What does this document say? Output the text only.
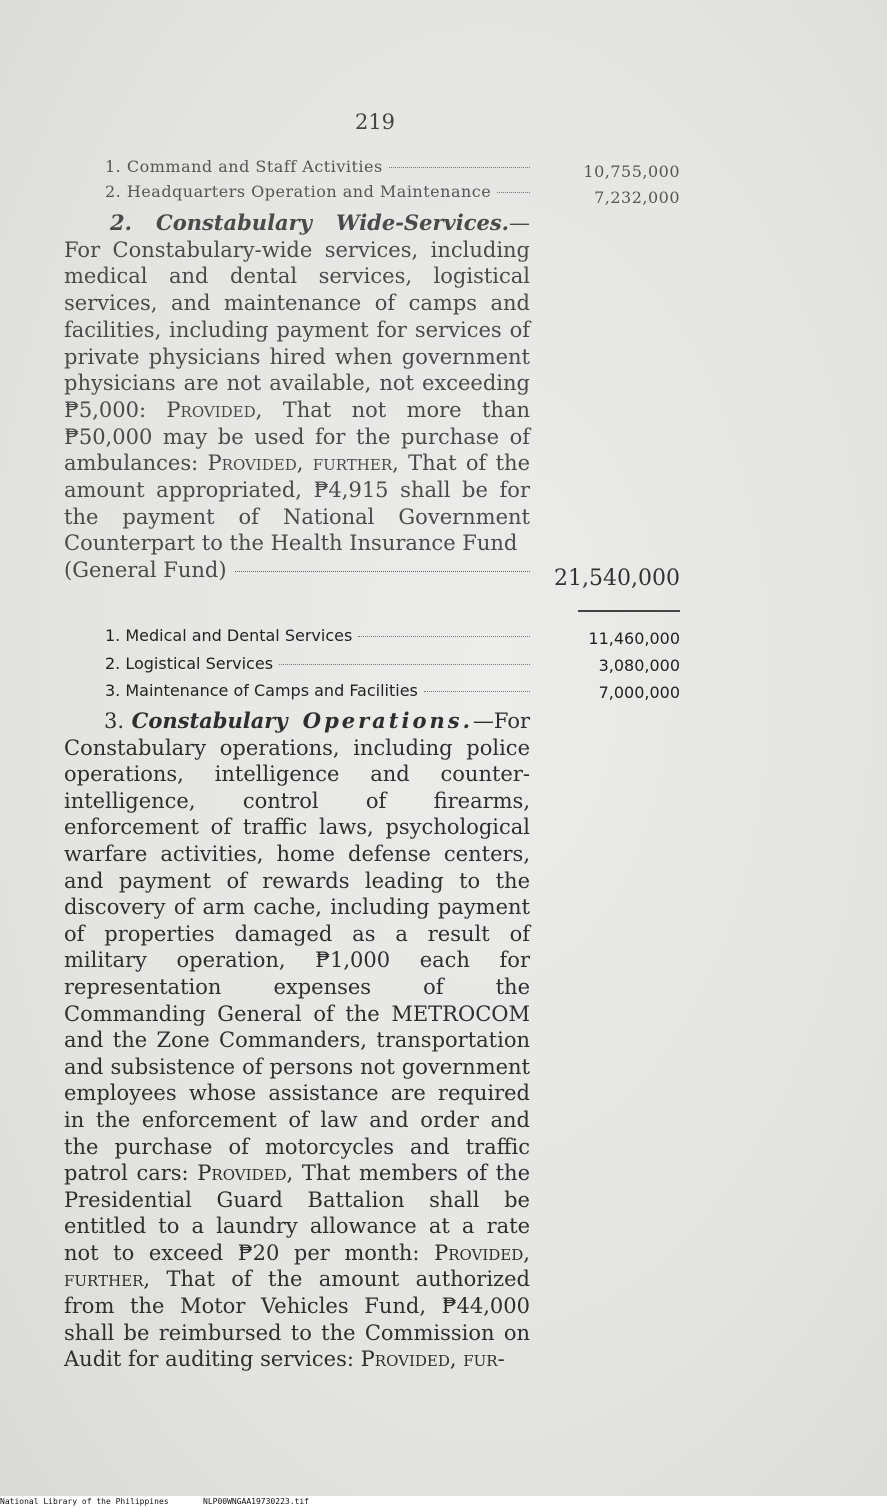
219
1. Command and Staff Activities	10,755,000
2. Headquarters Operation and Maintenance	7,232,000

2. Constabulary Wide-Services.—For Constabulary-wide services, including medical and dental services, logistical services, and maintenance of camps and facilities, including payment for services of private physicians hired when government physicians are not available, not exceeding ₱5,000: Provided, That not more than ₱50,000 may be used for the purchase of ambulances: Provided, further, That of the amount appropriated, ₱4,915 shall be for the payment of National Government Counterpart to the Health Insurance Fund
(General Fund)	21,540,000
1. Medical and Dental Services	11,460,000
2. Logistical Services	3,080,000
3. Maintenance of Camps and Facilities	7,000,000

3. Constabulary Operations.—For Constabulary operations, including police operations, intelligence and counter-intelligence, control of firearms, enforcement of traffic laws, psychological warfare activities, home defense centers, and payment of rewards leading to the discovery of arm cache, including payment of properties damaged as a result of military operation, ₱1,000 each for representation expenses of the Commanding General of the METROCOM and the Zone Commanders, transportation and subsistence of persons not government employees whose assistance are required in the enforcement of law and order and the purchase of motorcycles and traffic patrol cars: Provided, That members of the Presidential Guard Battalion shall be entitled to a laundry allowance at a rate not to exceed ₱20 per month: Provided, further, That of the amount authorized from the Motor Vehicles Fund, ₱44,000 shall be reimbursed to the Commission on Audit for auditing services: Provided, fur-

National Library of the Philippines	NLP00WNGAA19730223.tif
